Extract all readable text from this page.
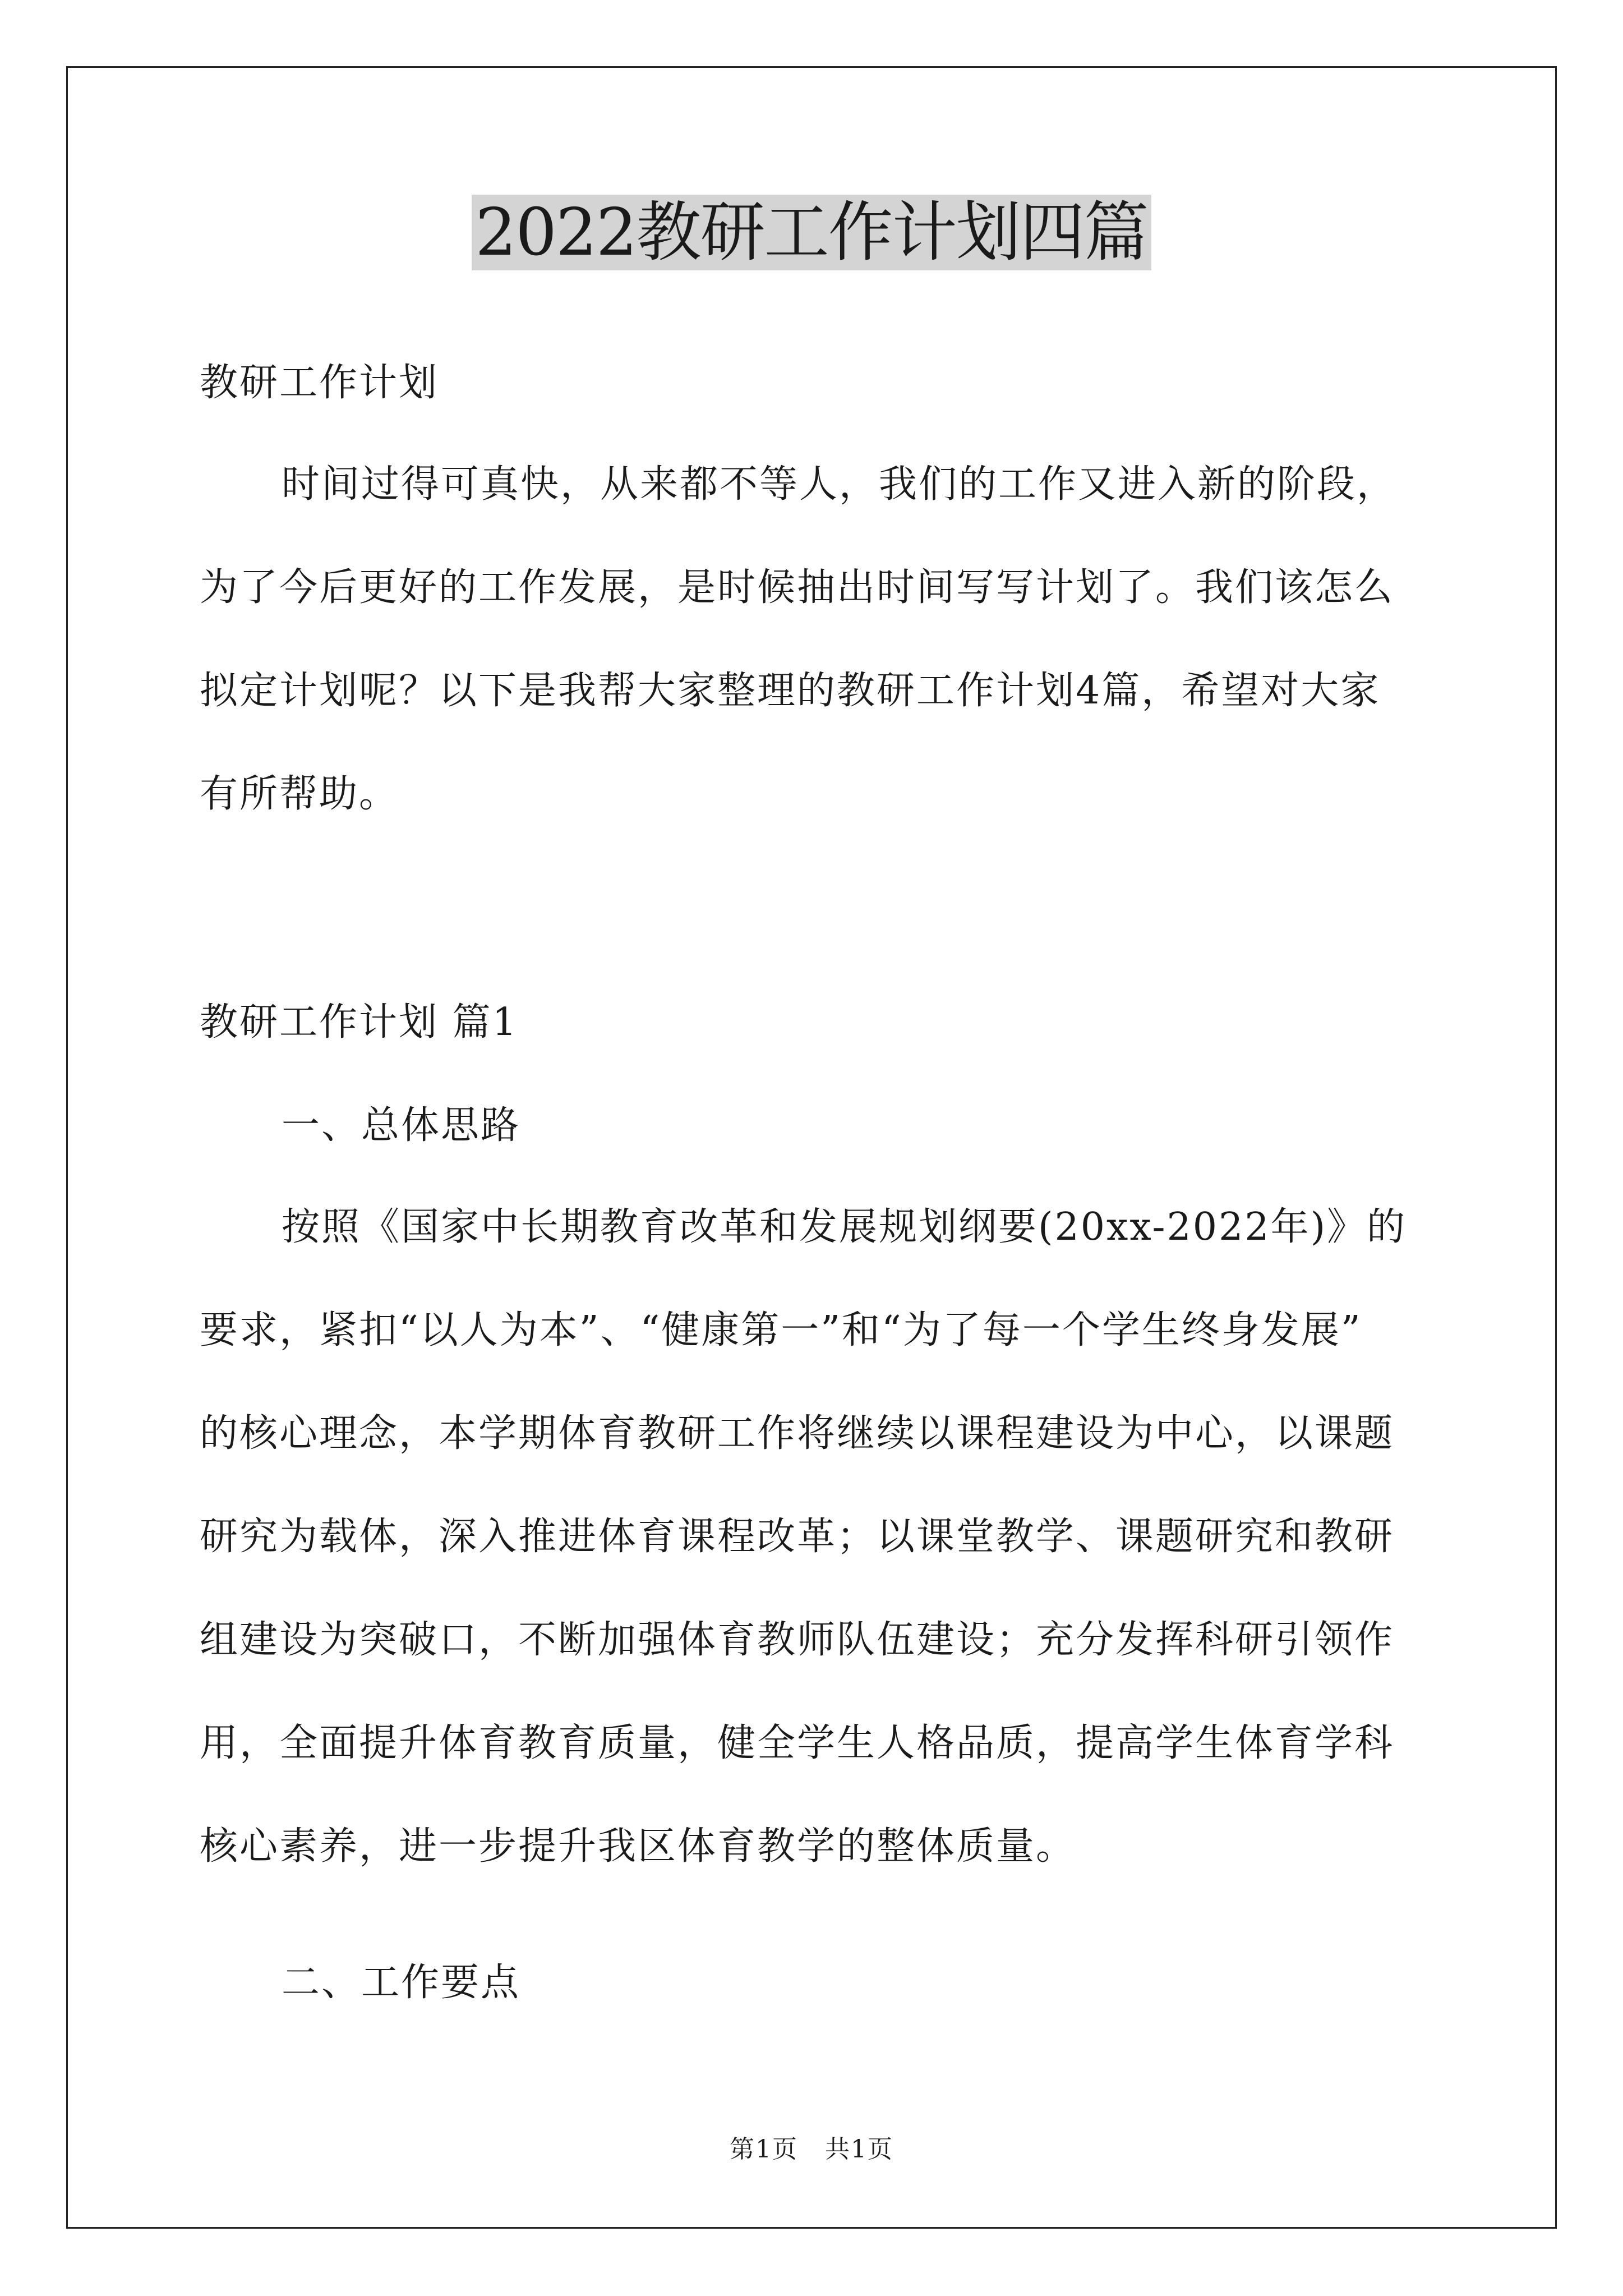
2022教研工作计划四篇

教研工作计划

时间过得可真快，从来都不等人，我们的工作又进入新的阶段，
为了今后更好的工作发展，是时候抽出时间写写计划了。我们该怎么
拟定计划呢？以下是我帮大家整理的教研工作计划4篇，希望对大家
有所帮助。

教研工作计划 篇1

一、总体思路

按照《国家中长期教育改革和发展规划纲要(20xx-2022年)》的
要求，紧扣“以人为本”、“健康第一”和“为了每一个学生终身发展”
的核心理念，本学期体育教研工作将继续以课程建设为中心，以课题
研究为载体，深入推进体育课程改革；以课堂教学、课题研究和教研
组建设为突破口，不断加强体育教师队伍建设；充分发挥科研引领作
用，全面提升体育教育质量，健全学生人格品质，提高学生体育学科
核心素养，进一步提升我区体育教学的整体质量。

二、工作要点

第1页 共1页
